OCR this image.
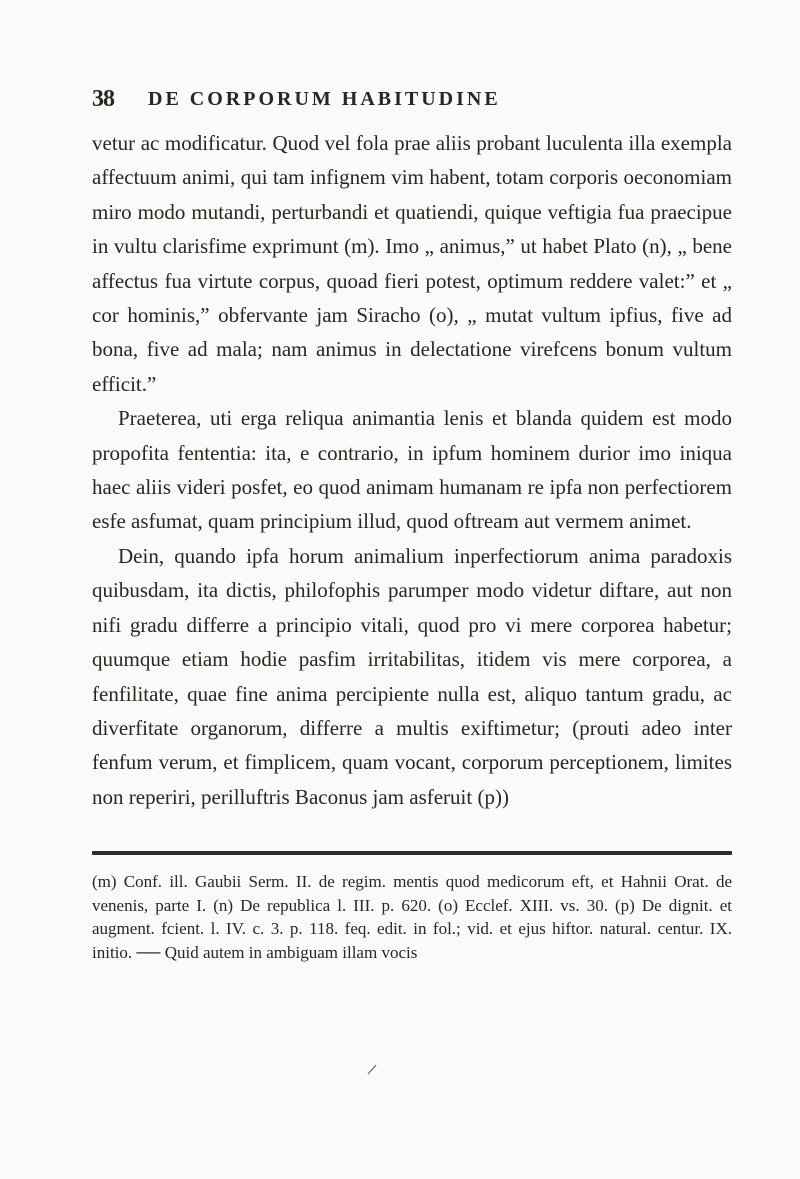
38 DE CORPORUM HABITUDINE

vetur ac modificatur. Quod vel fola prae aliis probant luculenta illa exempla affectuum animi, qui tam infignem vim habent, totam corporis oeconomiam miro modo mutandi, perturbandi et quatiendi, quique veftigia fua praecipue in vultu clarisfime exprimunt (m). Imo „ animus,” ut habet Plato (n), „ bene affectus fua virtute corpus, quoad fieri potest, optimum reddere valet:” et „ cor hominis,” obfervante jam Siracho (o), „ mutat vultum ipfius, five ad bona, five ad mala; nam animus in delectatione virefcens bonum vultum efficit.”

Praeterea, uti erga reliqua animantia lenis et blanda quidem est modo propofita fententia: ita, e contrario, in ipfum hominem durior imo iniqua haec aliis videri posfet, eo quod animam humanam re ipfa non perfectiorem esfe asfumat, quam principium illud, quod oftream aut vermem animet.

Dein, quando ipfa horum animalium inperfectiorum anima paradoxis quibusdam, ita dictis, philofophis parumper modo videtur diftare, aut non nifi gradu differre a principio vitali, quod pro vi mere corporea habetur; quumque etiam hodie pasfim irritabilitas, itidem vis mere corporea, a fenfilitate, quae fine anima percipiente nulla est, aliquo tantum gradu, ac diverfitate organorum, differre a multis exiftimetur; (prouti adeo inter fenfum verum, et fimplicem, quam vocant, corporum perceptionem, limites non reperiri, perilluftris Baconus jam asferuit (p))

(m) Conf. ill. Gaubii Serm. II. de regim. mentis quod medicorum eft, et Hahnii Orat. de venenis, parte I. (n) De republica l. III. p. 620. (o) Ecclef. XIII. vs. 30. (p) De dignit. et augment. fcient. l. IV. c. 3. p. 118. feq. edit. in fol.; vid. et ejus hiftor. natural. centur. IX. initio. ── Quid autem in ambiguam illam vocis
